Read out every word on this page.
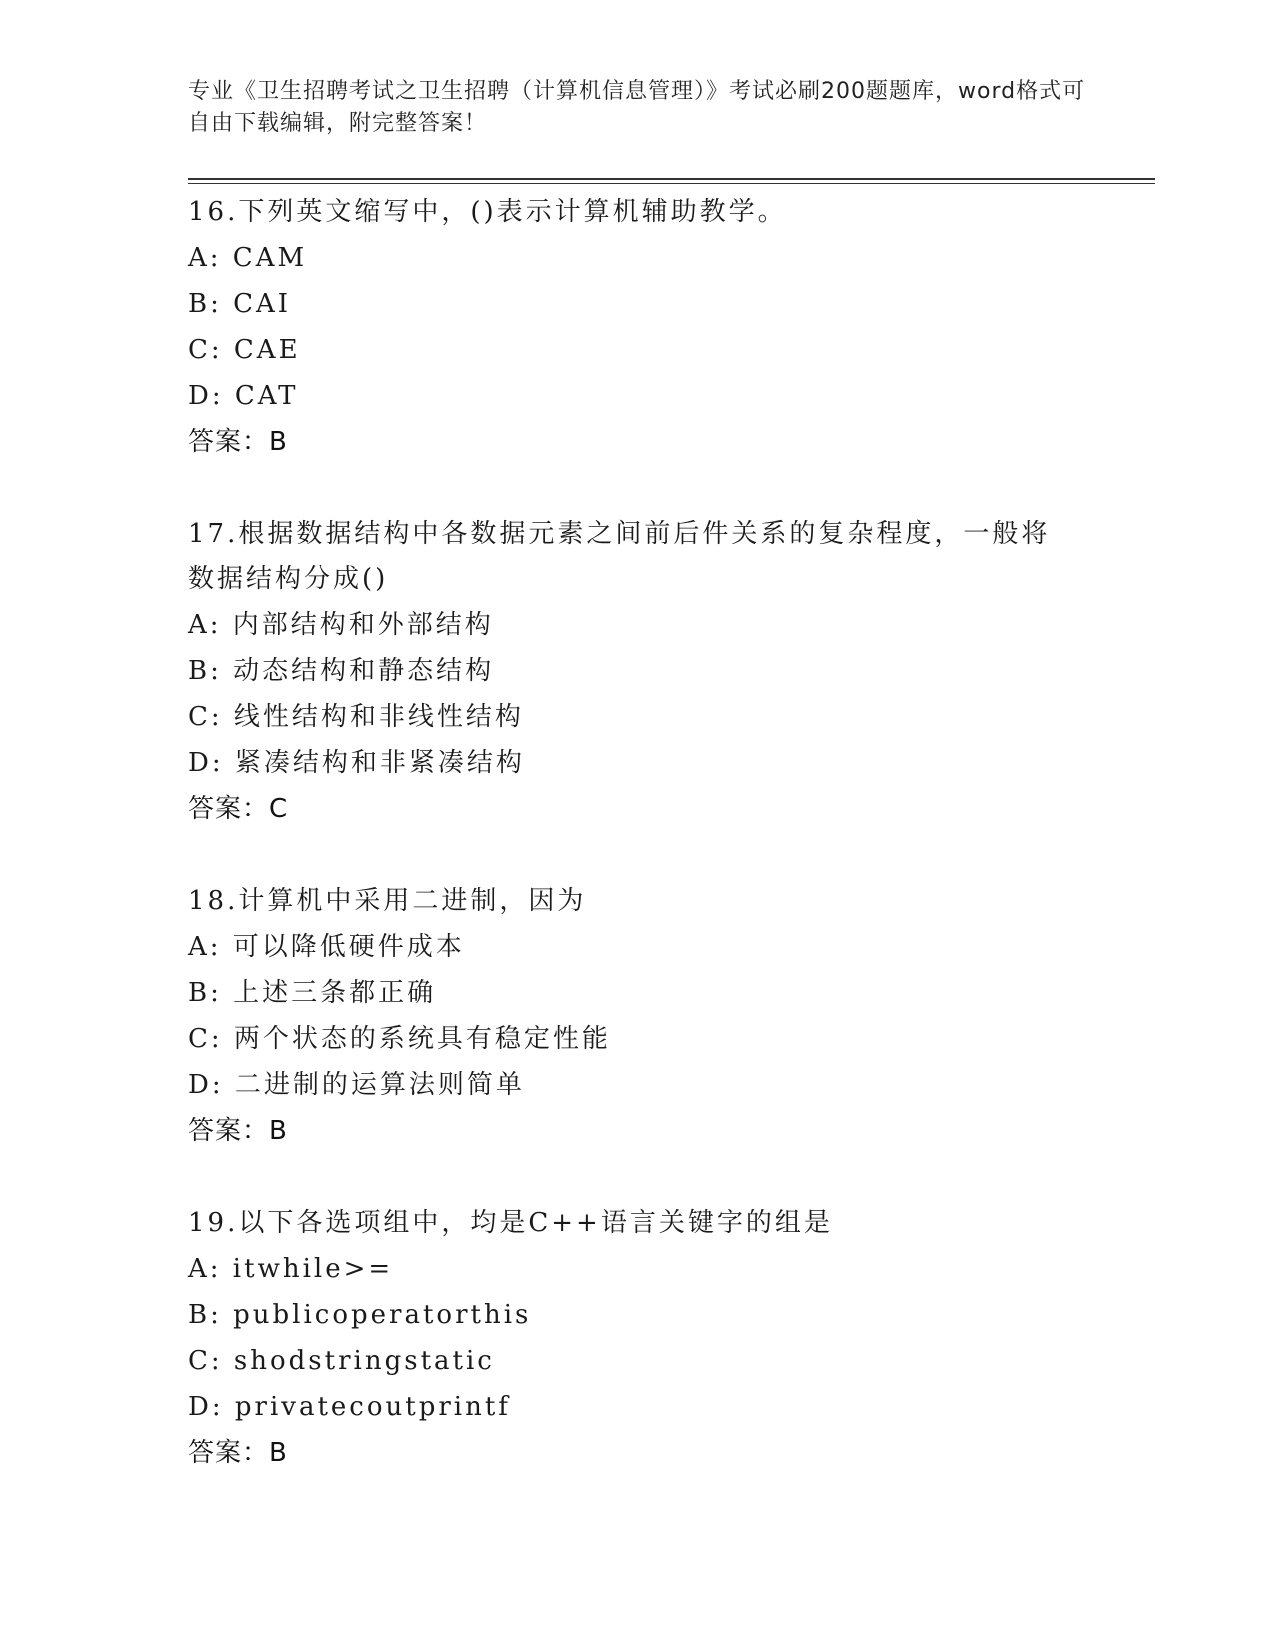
专业《卫生招聘考试之卫生招聘（计算机信息管理）》考试必刷200题题库，word格式可自由下载编辑，附完整答案！
16.下列英文缩写中，()表示计算机辅助教学。
A: CAM
B: CAI
C: CAE
D: CAT
答案：B
17.根据数据结构中各数据元素之间前后件关系的复杂程度，一般将数据结构分成()
A: 内部结构和外部结构
B: 动态结构和静态结构
C: 线性结构和非线性结构
D: 紧凑结构和非紧凑结构
答案：C
18.计算机中采用二进制，因为
A: 可以降低硬件成本
B: 上述三条都正确
C: 两个状态的系统具有稳定性能
D: 二进制的运算法则简单
答案：B
19.以下各选项组中，均是C++语言关键字的组是
A: itwhile>=
B: publicoperatorthis
C: shodstringstatic
D: privatecoutprintf
答案：B
